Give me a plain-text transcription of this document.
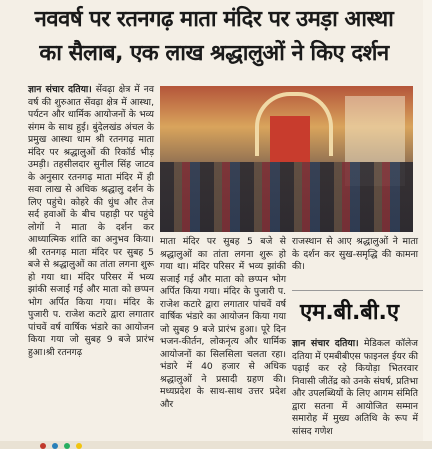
नववर्ष पर रतनगढ़ माता मंदिर पर उमड़ा आस्था
का सैलाब, एक लाख श्रद्धालुओं ने किए दर्शन

ज्ञान संचार दतिया। सेंवढ़ा क्षेत्र में नव वर्ष की शुरुआत सेंवढ़ा क्षेत्र में आस्था, पर्यटन और धार्मिक आयोजनों के भव्य संगम के साथ हुई। बुंदेलखंड अंचल के प्रमुख आस्था धाम श्री रतनगढ़ माता मंदिर पर श्रद्धालुओं की रिकॉर्ड भीड़ उमड़ी। तहसीलदार सुनील सिंह जाटव के अनुसार रतनगढ़ माता मंदिर में ही सवा लाख से अधिक श्रद्धालु दर्शन के लिए पहुंचे। कोहरे की धुंध और तेज सर्द हवाओं के बीच पहाड़ी पर पहुंचे लोगों ने माता के दर्शन कर आध्यात्मिक शांति का अनुभव किया। श्री रतनगढ़ माता मंदिर पर सुबह 5 बजे से श्रद्धालुओं का तांता लगना शुरू हो गया था। मंदिर परिसर में भव्य झांकी सजाई गई और माता को छप्पन भोग अर्पित किया गया। मंदिर के पुजारी प. राजेश कटारे द्वारा लगातार पांचवें वर्ष वार्षिक भंडारे का आयोजन किया गया जो सुबह 9 बजे प्रारंभ हुआ।श्री रतनगढ़

माता मंदिर पर सुबह 5 बजे से श्रद्धालुओं का तांता लगना शुरू हो गया था। मंदिर परिसर में भव्य झांकी सजाई गई और माता को छप्पन भोग अर्पित किया गया। मंदिर के पुजारी प. राजेश कटारे द्वारा लगातार पांचवें वर्ष वार्षिक भंडारे का आयोजन किया गया जो सुबह 9 बजे प्रारंभ हुआ। पूरे दिन भजन-कीर्तन, लोकनृत्य और धार्मिक आयोजनों का सिलसिला चलता रहा। भंडारे में 40 हजार से अधिक श्रद्धालुओं ने प्रसादी ग्रहण की। मध्यप्रदेश के साथ-साथ उत्तर प्रदेश और

राजस्थान से आए श्रद्धालुओं ने माता के दर्शन कर सुख-समृद्धि की कामना की।

एम.बी.बी.ए

ज्ञान संचार दतिया। मेडिकल कॉलेज दतिया में एमबीबीएस फाइनल ईयर की पढ़ाई कर रहे कियोड़ा भितरवार निवासी जीतेंद्र को उनके संघर्ष, प्रतिभा और उपलब्धियों के लिए आगम संमिति द्वारा सतना में आयोजित सम्मान समारोह में मुख्य अतिथि के रूप में सांसद गणेश
